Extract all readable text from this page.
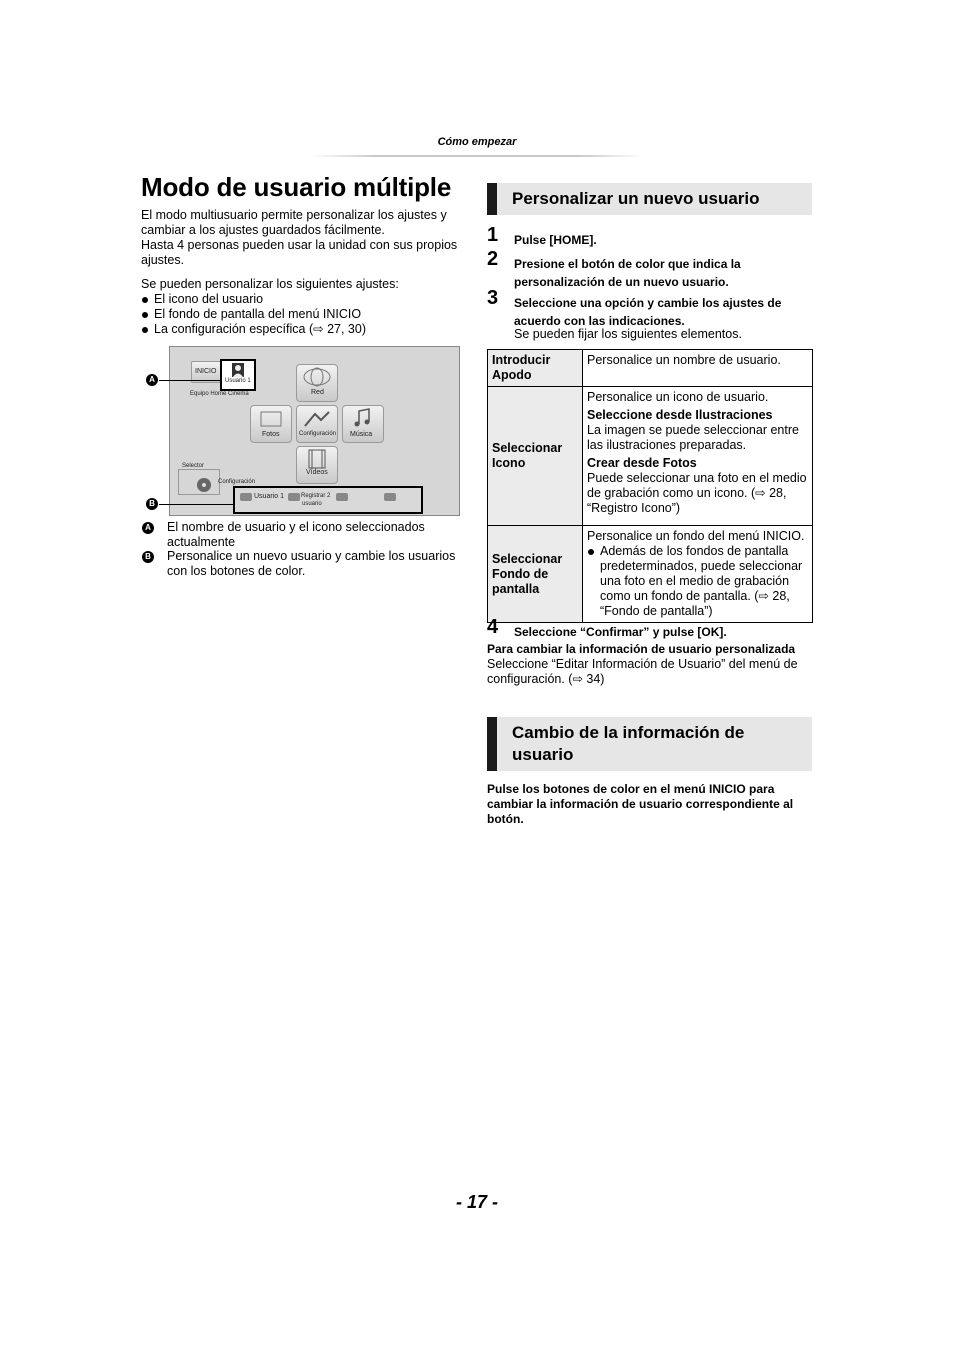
Cómo empezar
Modo de usuario múltiple
El modo multiusuario permite personalizar los ajustes y cambiar a los ajustes guardados fácilmente.
Hasta 4 personas pueden usar la unidad con sus propios ajustes.
Se pueden personalizar los siguientes ajustes:
El icono del usuario
El fondo de pantalla del menú INICIO
La configuración específica (⇨ 27, 30)
INICIO
Usuario 1
Equipo Home Cinema	Red
Fotos	Configuración Música
Vídeos
Selector
Configuración
Usuario 1	Registrar 2
usuario
A
B
A El nombre de usuario y el icono seleccionados actualmente
B Personalice un nuevo usuario y cambie los usuarios con los botones de color.
Personalizar un nuevo usuario
1 Pulse [HOME].
2 Presione el botón de color que indica la personalización de un nuevo usuario.
3 Seleccione una opción y cambie los ajustes de acuerdo con las indicaciones.
Se pueden fijar los siguientes elementos.
Introducir Apodo	Personalice un nombre de usuario.
Seleccionar Icono	Personalice un icono de usuario.
Seleccione desde Ilustraciones
La imagen se puede seleccionar entre las ilustraciones preparadas.
Crear desde Fotos
Puede seleccionar una foto en el medio de grabación como un icono. (⇨ 28, “Registro Icono”)

Seleccionar Fondo de pantalla	Personalice un fondo del menú INICIO.
Además de los fondos de pantalla predeterminados, puede seleccionar una foto en el medio de grabación como un fondo de pantalla. (⇨ 28, “Fondo de pantalla”)
4 Seleccione “Confirmar” y pulse [OK].
Para cambiar la información de usuario personalizada
Seleccione “Editar Información de Usuario” del menú de configuración. (⇨ 34)
Cambio de la información de usuario
Pulse los botones de color en el menú INICIO para cambiar la información de usuario correspondiente al botón.
- 17 -
